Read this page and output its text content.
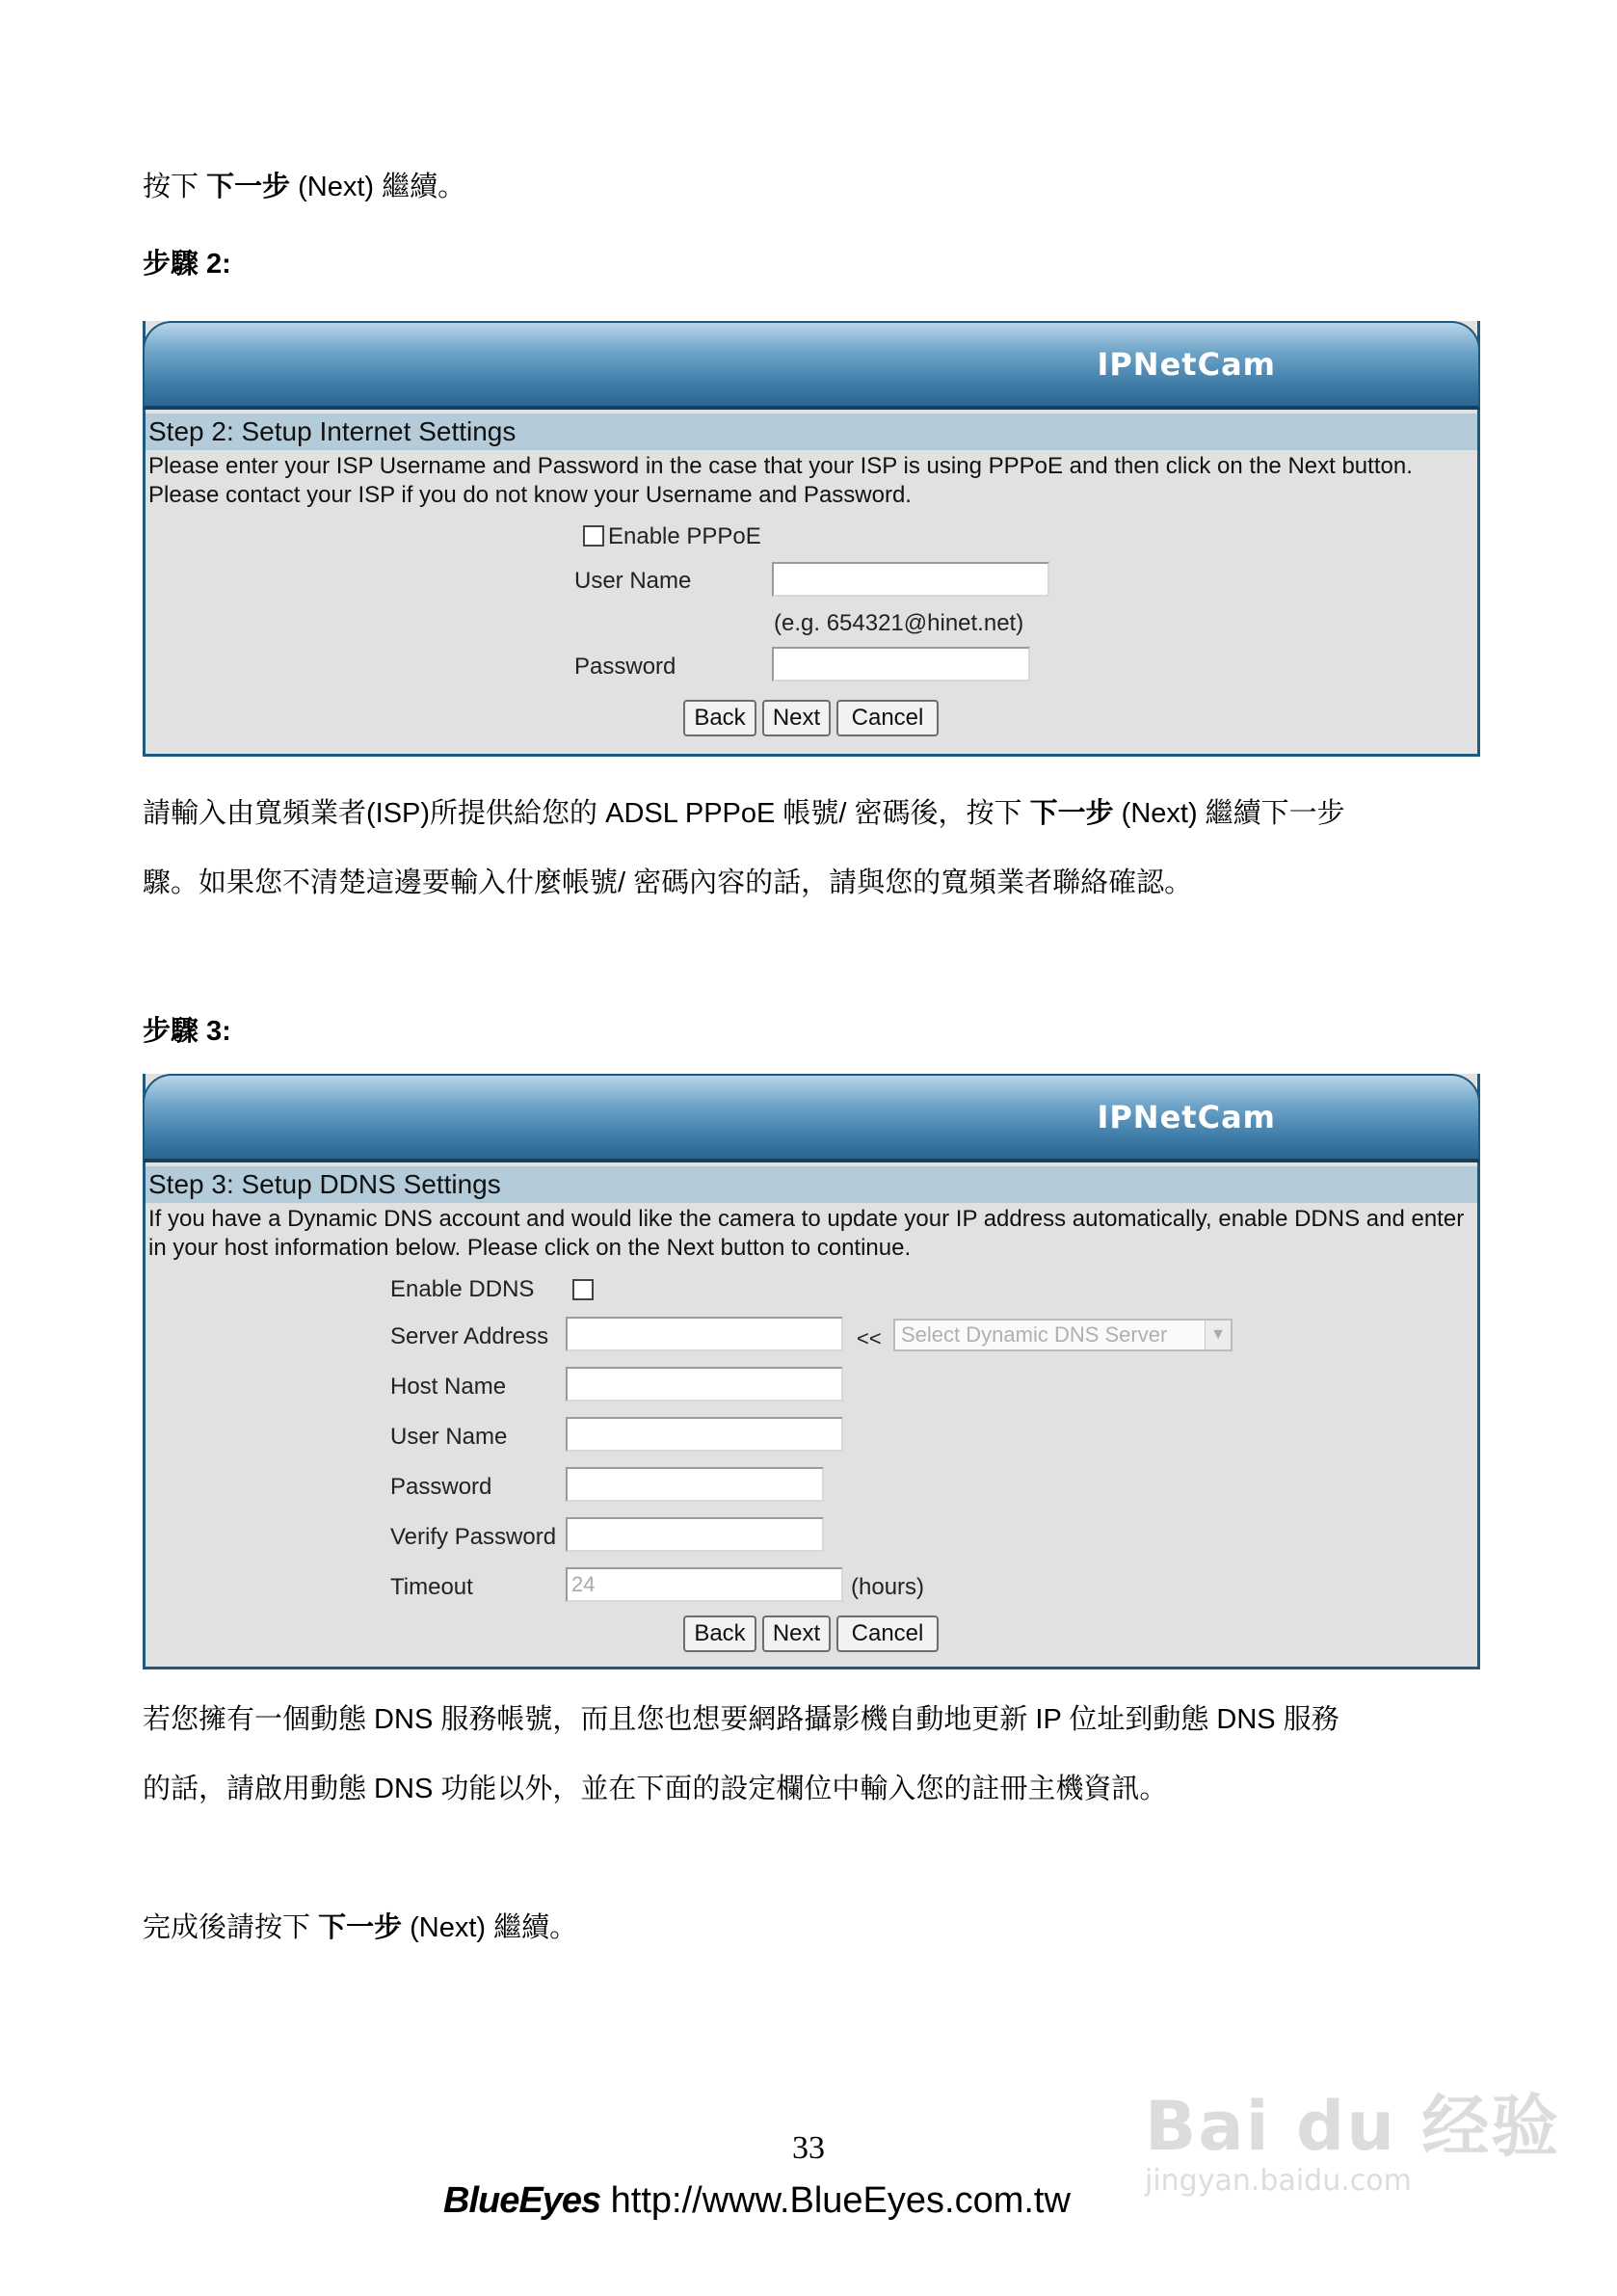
按下 下一步 (Next) 繼續。
步驟 2:
IPNetCam
Step 2: Setup Internet Settings
Please enter your ISP Username and Password in the case that your ISP is using PPPoE and then click on the Next button. Please contact your ISP if you do not know your Username and Password.
Enable PPPoE
User Name
(e.g. 654321@hinet.net)
Password
Back	Next	Cancel
請輸入由寬頻業者(ISP)所提供給您的 ADSL PPPoE 帳號/ 密碼後，按下 下一步 (Next) 繼續下一步
驟。如果您不清楚這邊要輸入什麼帳號/ 密碼內容的話，請與您的寬頻業者聯絡確認。
步驟 3:
IPNetCam
Step 3: Setup DDNS Settings
If you have a Dynamic DNS account and would like the camera to update your IP address automatically, enable DDNS and enter in your host information below. Please click on the Next button to continue.
Enable DDNS
Server Address	<< Select Dynamic DNS Server	▼
Host Name
User Name
Password
Verify Password
Timeout	24	(hours)
Back	Next	Cancel
若您擁有一個動態 DNS 服務帳號，而且您也想要網路攝影機自動地更新 IP 位址到動態 DNS 服務
的話，請啟用動態 DNS 功能以外，並在下面的設定欄位中輸入您的註冊主機資訊。
完成後請按下 下一步 (Next) 繼續。
33
BlueEyes http://www.BlueEyes.com.tw
Bai du 经验
jingyan.baidu.com
